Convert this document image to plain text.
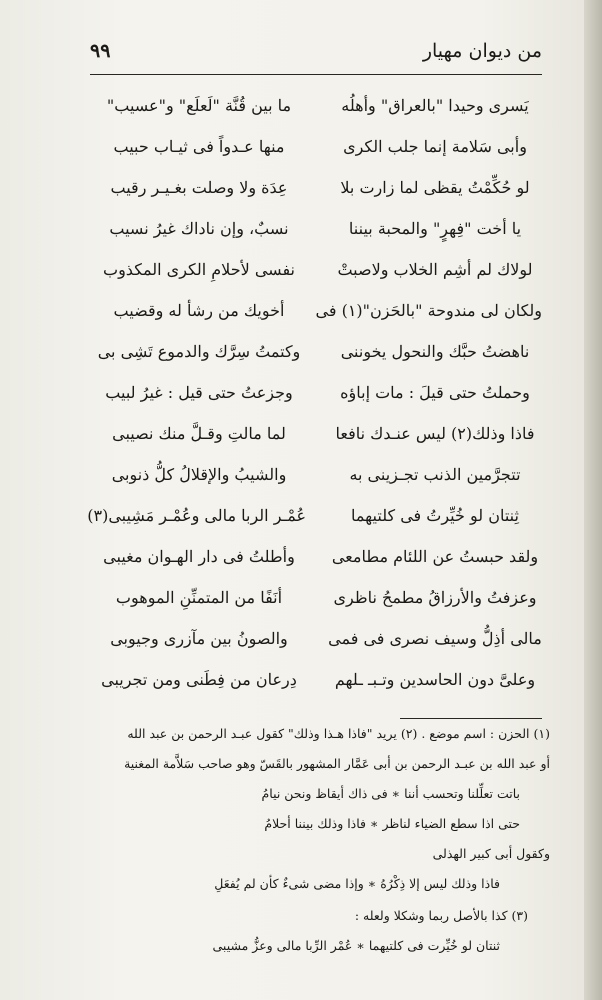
من ديوان مهيار
٩٩
يَسرى وحيدا "بالعراق" وأهلُه
ما بين قُنَّة "لَعلَع" و"عسيب"
وأبى سَلامة إنما جلب الكرى
منها عـدواً فى ثيـاب حبيب
لو حُكِّمْتُ يقظى لما زارت بلا
عِدَة ولا وصلت بغـيـر رقيب
يا أخت "فِهرٍ" والمحبة بيننا
نسبٌ، وإن ناداك غيرُ نسيب
لولاك لم أشِم الخلاب ولاصبتْ
نفسى لأحلامِ الكرى المكذوب
ولكان لى مندوحة "بالحَزن"(١) فى
أخويك من رشأ له وقضيب
ناهضتُ حبَّك والنحول يخوننى
وكتمتُ سِرَّك والدموع تَشِى بى
وحملتُ حتى قيلَ : مات إباؤه
وجزعتُ حتى قيل : غيرُ لبيب
فاذا وذلك(٢) ليس عنـدك نافعا
لما مالتِ وقـلَّ منك نصيبى
تتجرَّمين الذنب تجـزينى به
والشيبُ والإقلالُ كلُّ ذنوبى
ثِنتان لو خُيِّرتُ فى كلتيهما
عُمْـر الربا مالى وعُمْـر مَشِيبى(٣)
ولقد حبستُ عن اللئام مطامعى
وأطلتُ فى دار الهـوان مغيبى
وعزفتُ والأرزاقُ مطمحُ ناظرى
أنَفًا من المتمنِّنِ الموهوب
مالى أذِلُّ وسيف نصرى فى فمى
والصونُ بين مآزرى وجيوبى
وعلىَّ دون الحاسدين وتـبـ ـلهم
دِرعان من فِطَنى ومن تجريبى
(١) الحزن : اسم موضع . (٢) يريد "فاذا هـذا وذلك" كقول عبـد الرحمن بن عبد الله
أو عبد الله بن عبـد الرحمن بن أبى عَمَّار المشهور بالقَسّ وهو صاحب سَلاَّمة المغنية
باتت تعلِّلنا وتحسب أننا ∗ فى ذاك أيقاظ ونحن نيامُ
حتى اذا سطع الضياء لناظر ∗ فاذا وذلك بيننا أحلامُ
وكقول أبى كبير الهذلى
فاذا وذلك ليس إلا ذِكْرُهُ ∗ وإذا مضى شىءٌ كأن لم يُفعَلِ
(٣) كذا بالأصل ربما وشكلا ولعله :
ثنتان لو خُيِّرت فى كلتيهما ∗ عُمْر الرِّبا مالى وعزُّ مشيبى
